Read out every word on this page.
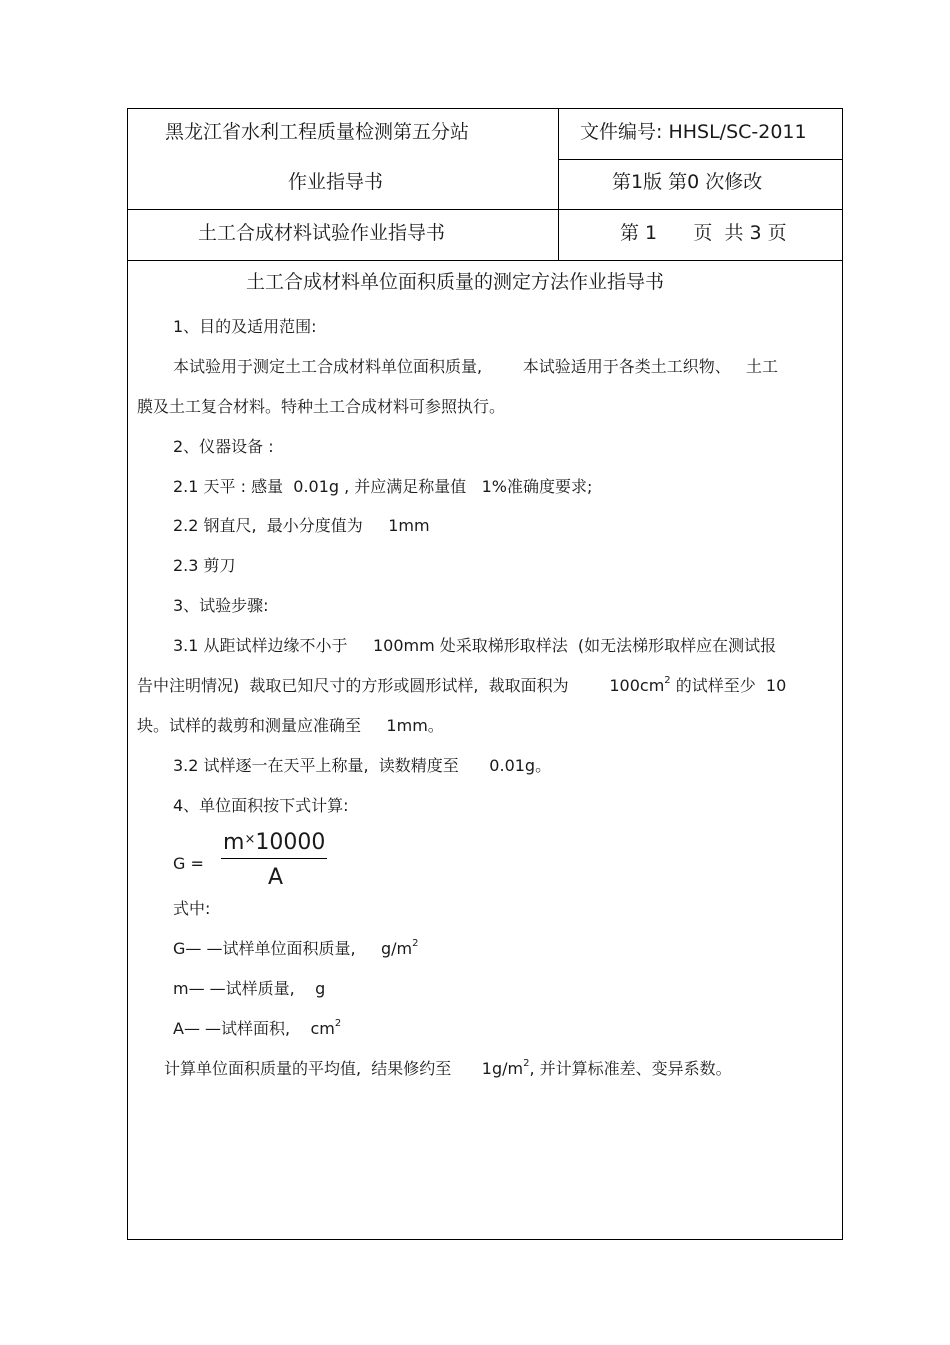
黑龙江省水利工程质量检测第五分站
作业指导书
文件编号: HHSL/SC-2011
第1版 第0 次修改
土工合成材料试验作业指导书	第 1      页  共 3 页
土工合成材料单位面积质量的测定方法作业指导书
1、目的及适用范围:
本试验用于测定土工合成材料单位面积质量,        本试验适用于各类土工织物、   土工
膜及土工复合材料。特种土工合成材料可参照执行。
2、仪器设备 :
2.1 天平 : 感量  0.01g , 并应满足称量值   1%准确度要求;
2.2 钢直尺,  最小分度值为     1mm
2.3 剪刀
3、试验步骤:
3.1 从距试样边缘不小于     100mm 处采取梯形取样法  (如无法梯形取样应在测试报
告中注明情况)  裁取已知尺寸的方形或圆形试样,  裁取面积为        $100cm^2$ 的试样至少  10
块。试样的裁剪和测量应准确至     1mm。
3.2 试样逐一在天平上称量,  读数精度至      0.01g。
4、单位面积按下式计算:
G =
m×10000
A
式中:
G— —试样单位面积质量,     $g/m^2$
m— —试样质量,    g
A— —试样面积,    $cm^2$
计算单位面积质量的平均值,  结果修约至      $1g/m^2$, 并计算标准差、变异系数。
